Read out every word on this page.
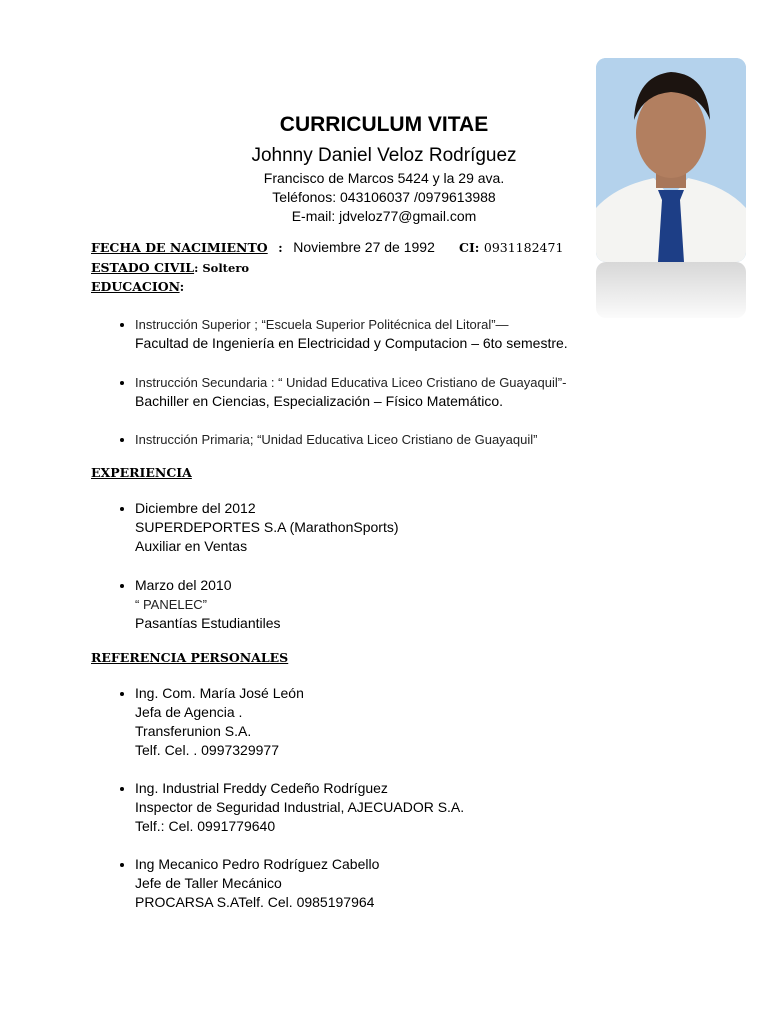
CURRICULUM VITAE
Johnny Daniel Veloz Rodríguez
Francisco de Marcos 5424 y la 29 ava.
Teléfonos: 043106037 /0979613988
E-mail: jdveloz77@gmail.com
FECHA DE NACIMIENTO : Noviembre 27 de 1992 CI: 0931182471
ESTADO CIVIL: Soltero
EDUCACION:
• Instrucción Superior ; “Escuela Superior Politécnica del Litoral”—
Facultad de Ingeniería en Electricidad y Computacion – 6to semestre.
• Instrucción Secundaria : “ Unidad Educativa Liceo Cristiano de Guayaquil”-
Bachiller en Ciencias, Especialización – Físico Matemático.
• Instrucción Primaria; “Unidad Educativa Liceo Cristiano de Guayaquil”
EXPERIENCIA
• Diciembre del 2012
SUPERDEPORTES S.A (MarathonSports)
Auxiliar en Ventas
• Marzo del 2010
“ PANELEC”
Pasantías Estudiantiles
REFERENCIA PERSONALES
• Ing. Com. María José León
Jefa de Agencia .
Transferunion S.A.
Telf. Cel. . 0997329977
• Ing. Industrial Freddy Cedeño Rodríguez
Inspector de Seguridad Industrial, AJECUADOR S.A.
Telf.: Cel. 0991779640
• Ing Mecanico Pedro Rodríguez Cabello
Jefe de Taller Mecánico
PROCARSA S.ATelf. Cel. 0985197964
